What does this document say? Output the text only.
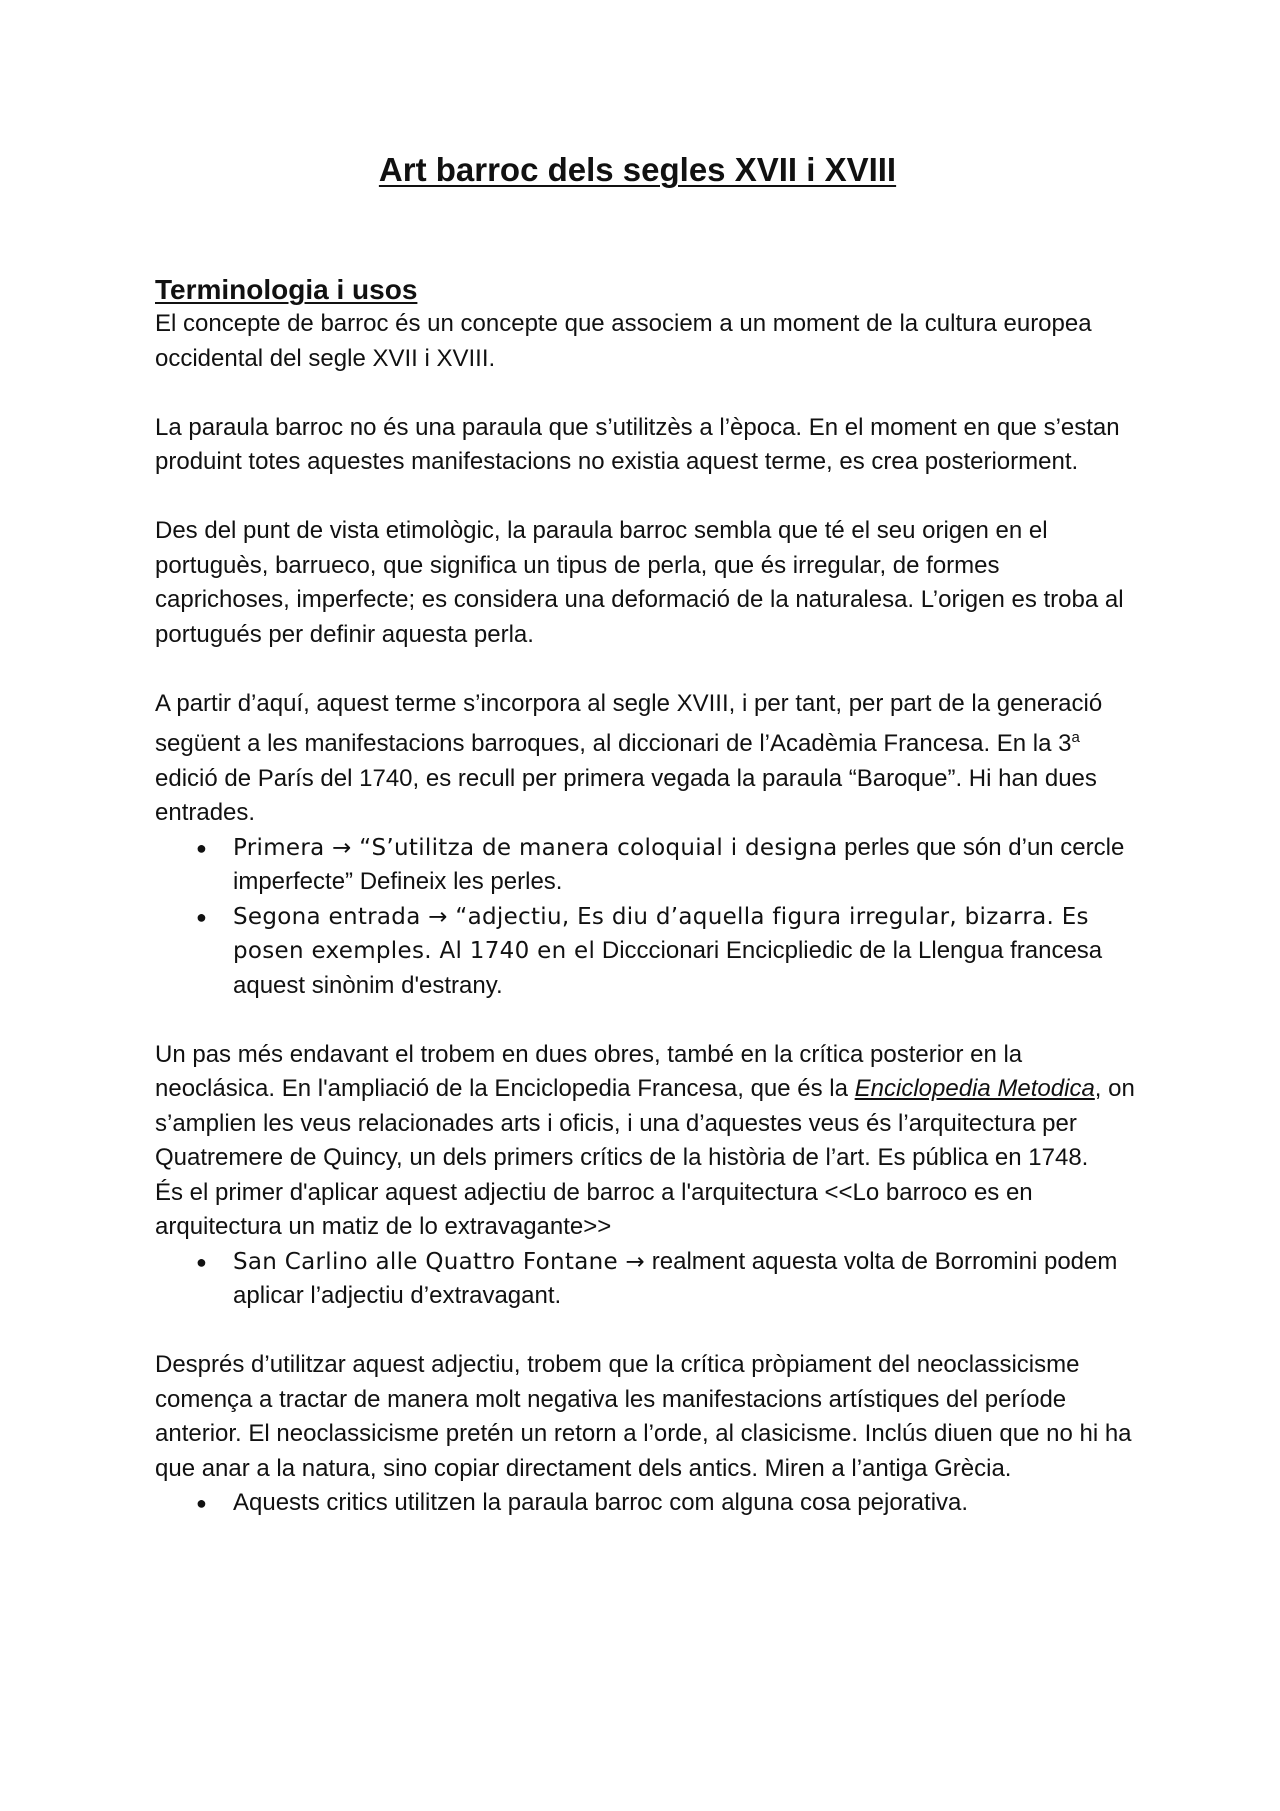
Art barroc dels segles XVII i XVIII
Terminologia i usos

El concepte de barroc és un concepte que associem a un moment de la cultura europea occidental del segle XVII i XVIII.

La paraula barroc no és una paraula que s’utilitzès a l’època. En el moment en que s’estan produint totes aquestes manifestacions no existia aquest terme, es crea posteriorment.

Des del punt de vista etimològic, la paraula barroc sembla que té el seu origen en el portuguès, barrueco, que significa un tipus de perla, que és irregular, de formes caprichoses, imperfecte; es considera una deformació de la naturalesa. L’origen es troba al portugués per definir aquesta perla.

A partir d’aquí, aquest terme s’incorpora al segle XVIII, i per tant, per part de la generació següent a les manifestacions barroques, al diccionari de l’Acadèmia Francesa. En la 3$^a$ edició de París del 1740, es recull per primera vegada la paraula “Baroque”. Hi han dues entrades.

● Primera → “S’utilitza de manera coloquial i designa perles que són d’un cercle imperfecte” Defineix les perles.
● Segona entrada → “adjectiu, Es diu d’aquella figura irregular, bizarra. Es posen exemples. Al 1740 en el Dicccionari Encicpliedic de la Llengua francesa aquest sinònim d'estrany.

Un pas més endavant el trobem en dues obres, també en la crítica posterior en la neoclásica. En l'ampliació de la Enciclopedia Francesa, que és la Enciclopedia Metodica, on s’amplien les veus relacionades arts i oficis, i una d’aquestes veus és l’arquitectura per Quatremere de Quincy, un dels primers crítics de la història de l’art. Es pública en 1748.

És el primer d'aplicar aquest adjectiu de barroc a l'arquitectura <<Lo barroco es en arquitectura un matiz de lo extravagante>>

● San Carlino alle Quattro Fontane → realment aquesta volta de Borromini podem aplicar l’adjectiu d’extravagant.

Després d’utilitzar aquest adjectiu, trobem que la crítica pròpiament del neoclassicisme comença a tractar de manera molt negativa les manifestacions artístiques del període anterior. El neoclassicisme pretén un retorn a l’orde, al clasicisme. Inclús diuen que no hi ha que anar a la natura, sino copiar directament dels antics. Miren a l’antiga Grècia.

● Aquests critics utilitzen la paraula barroc com alguna cosa pejorativa.
